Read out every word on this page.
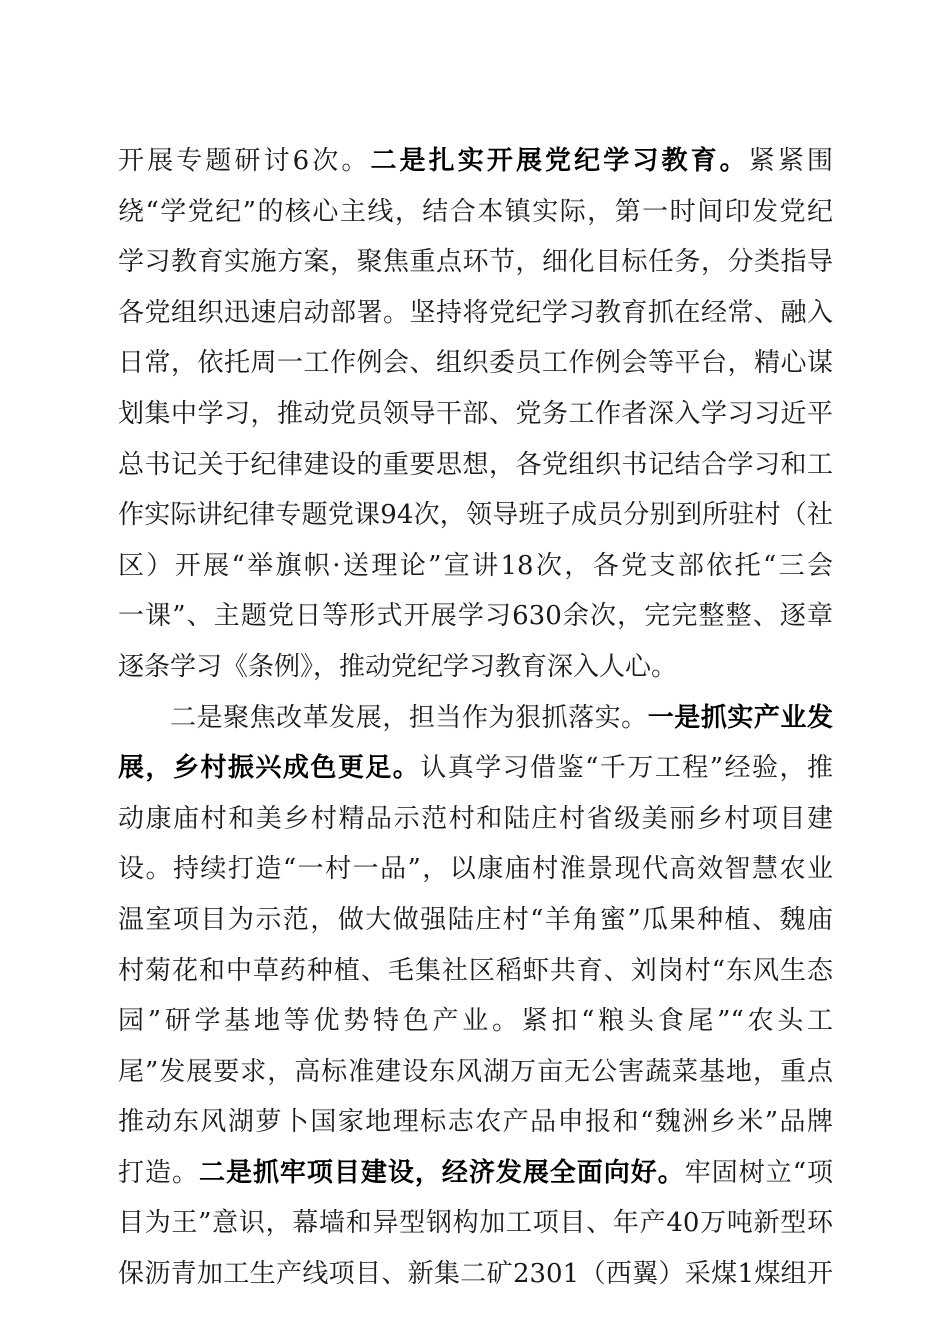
开展专题研讨6次。二是扎实开展党纪学习教育。紧紧围
绕“学党纪”的核心主线，结合本镇实际，第一时间印发党纪
学习教育实施方案，聚焦重点环节，细化目标任务，分类指导
各党组织迅速启动部署。坚持将党纪学习教育抓在经常、融入
日常，依托周一工作例会、组织委员工作例会等平台，精心谋
划集中学习，推动党员领导干部、党务工作者深入学习习近平
总书记关于纪律建设的重要思想，各党组织书记结合学习和工
作实际讲纪律专题党课94次，领导班子成员分别到所驻村（社
区）开展“举旗帜·送理论”宣讲18次，各党支部依托“三会
一课”、主题党日等形式开展学习630余次，完完整整、逐章
逐条学习《条例》，推动党纪学习教育深入人心。
二是聚焦改革发展，担当作为狠抓落实。一是抓实产业发
展，乡村振兴成色更足。认真学习借鉴“千万工程”经验，推
动康庙村和美乡村精品示范村和陆庄村省级美丽乡村项目建
设。持续打造“一村一品”，以康庙村淮景现代高效智慧农业
温室项目为示范，做大做强陆庄村“羊角蜜”瓜果种植、魏庙
村菊花和中草药种植、毛集社区稻虾共育、刘岗村“东风生态
园”研学基地等优势特色产业。紧扣“粮头食尾”“农头工
尾”发展要求，高标准建设东风湖万亩无公害蔬菜基地，重点
推动东风湖萝卜国家地理标志农产品申报和“魏洲乡米”品牌
打造。二是抓牢项目建设，经济发展全面向好。牢固树立“项
目为王”意识，幕墙和异型钢构加工项目、年产40万吨新型环
保沥青加工生产线项目、新集二矿2301（西翼）采煤1煤组开
